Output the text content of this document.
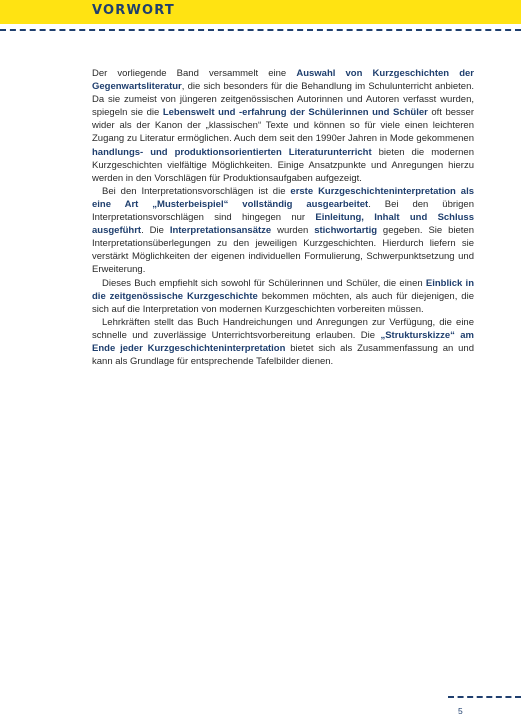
VORWORT

Der vorliegende Band versammelt eine Auswahl von Kurzgeschichten der Gegenwartsliteratur, die sich besonders für die Behandlung im Schulunterricht anbieten. Da sie zumeist von jüngeren zeitgenössischen Autorinnen und Autoren verfasst wurden, spiegeln sie die Lebenswelt und -erfahrung der Schülerinnen und Schüler oft besser wider als der Kanon der „klassischen“ Texte und können so für viele einen leichteren Zugang zu Literatur ermöglichen. Auch dem seit den 1990er Jahren in Mode gekommenen handlungs- und produktionsorientierten Literaturunterricht bieten die modernen Kurzgeschichten vielfältige Möglichkeiten. Einige Ansatzpunkte und Anregungen hierzu werden in den Vorschlägen für Produktionsaufgaben aufgezeigt.

Bei den Interpretationsvorschlägen ist die erste Kurzgeschichteninterpretation als eine Art „Musterbeispiel“ vollständig ausgearbeitet. Bei den übrigen Interpretationsvorschlägen sind hingegen nur Einleitung, Inhalt und Schluss ausgeführt. Die Interpretationsansätze wurden stichwortartig gegeben. Sie bieten Interpretationsüberlegungen zu den jeweiligen Kurzgeschichten. Hierdurch liefern sie verstärkt Möglichkeiten der eigenen individuellen Formulierung, Schwerpunktsetzung und Erweiterung.

Dieses Buch empfiehlt sich sowohl für Schülerinnen und Schüler, die einen Einblick in die zeitgenössische Kurzgeschichte bekommen möchten, als auch für diejenigen, die sich auf die Interpretation von modernen Kurzgeschichten vorbereiten müssen.

Lehrkräften stellt das Buch Handreichungen und Anregungen zur Verfügung, die eine schnelle und zuverlässige Unterrichtsvorbereitung erlauben. Die „Strukturskizze“ am Ende jeder Kurzgeschichteninterpretation bietet sich als Zusammenfassung an und kann als Grundlage für entsprechende Tafelbilder dienen.

5
